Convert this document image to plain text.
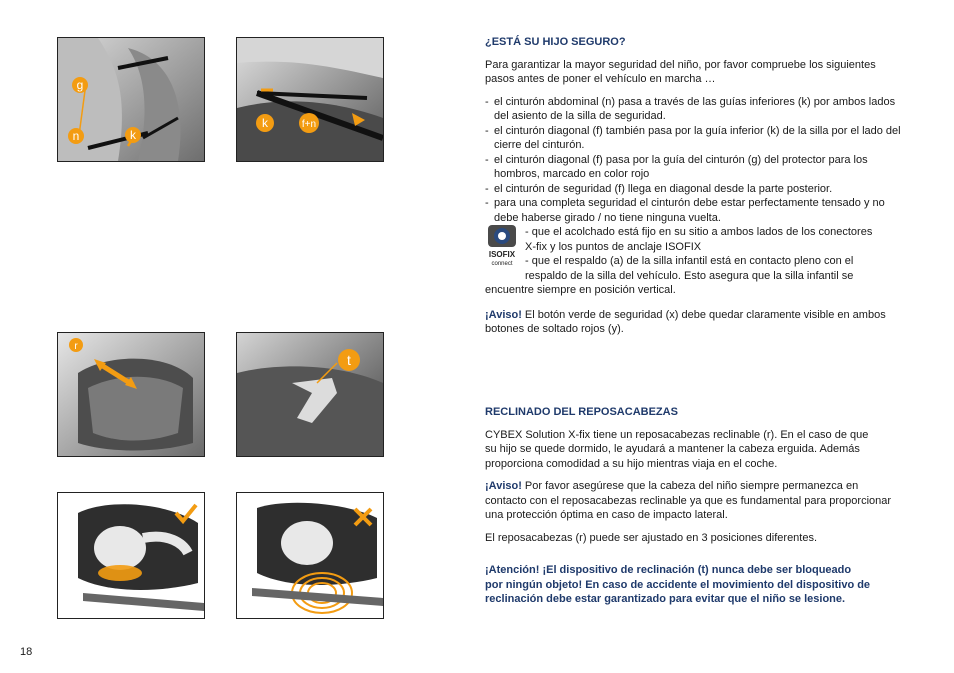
g
n	k
k	f+n
r
t

¿ESTÁ SU HIJO SEGURO?

Para garantizar la mayor seguridad del niño, por favor compruebe los siguientes
pasos antes de poner el vehículo en marcha …

- el cinturón abdominal (n) pasa a través de las guías inferiores (k) por ambos lados
del asiento de la silla de seguridad.
- el cinturón diagonal (f) también pasa por la guía inferior (k) de la silla por el lado del
cierre del cinturón.
- el cinturón diagonal (f) pasa por la guía del cinturón (g) del protector para los
hombros, marcado en color rojo
- el cinturón de seguridad (f) llega en diagonal desde la parte posterior.
- para una completa seguridad el cinturón debe estar perfectamente tensado y no
debe haberse girado / no tiene ninguna vuelta.
ISOFIX
connect
- que el acolchado está fijo en su sitio a ambos lados de los conectores
X-fix y los puntos de anclaje ISOFIX
- que el respaldo (a) de la silla infantil está en contacto pleno con el
respaldo de la silla del vehículo. Esto asegura que la silla infantil se
encuentre siempre en posición vertical.

¡Aviso! El botón verde de seguridad (x) debe quedar claramente visible en ambos
botones de soltado rojos (y).

RECLINADO DEL REPOSACABEZAS

CYBEX Solution X-fix tiene un reposacabezas reclinable (r). En el caso de que
su hijo se quede dormido, le ayudará a mantener la cabeza erguida. Además
proporciona comodidad a su hijo mientras viaja en el coche.

¡Aviso! Por favor asegúrese que la cabeza del niño siempre permanezca en
contacto con el reposacabezas reclinable ya que es fundamental para proporcionar
una protección óptima en caso de impacto lateral.

El reposacabezas (r) puede ser ajustado en 3 posiciones diferentes.

¡Atención! ¡El dispositivo de reclinación (t) nunca debe ser bloqueado
por ningún objeto! En caso de accidente el movimiento del dispositivo de
reclinación debe estar garantizado para evitar que el niño se lesione.

18
